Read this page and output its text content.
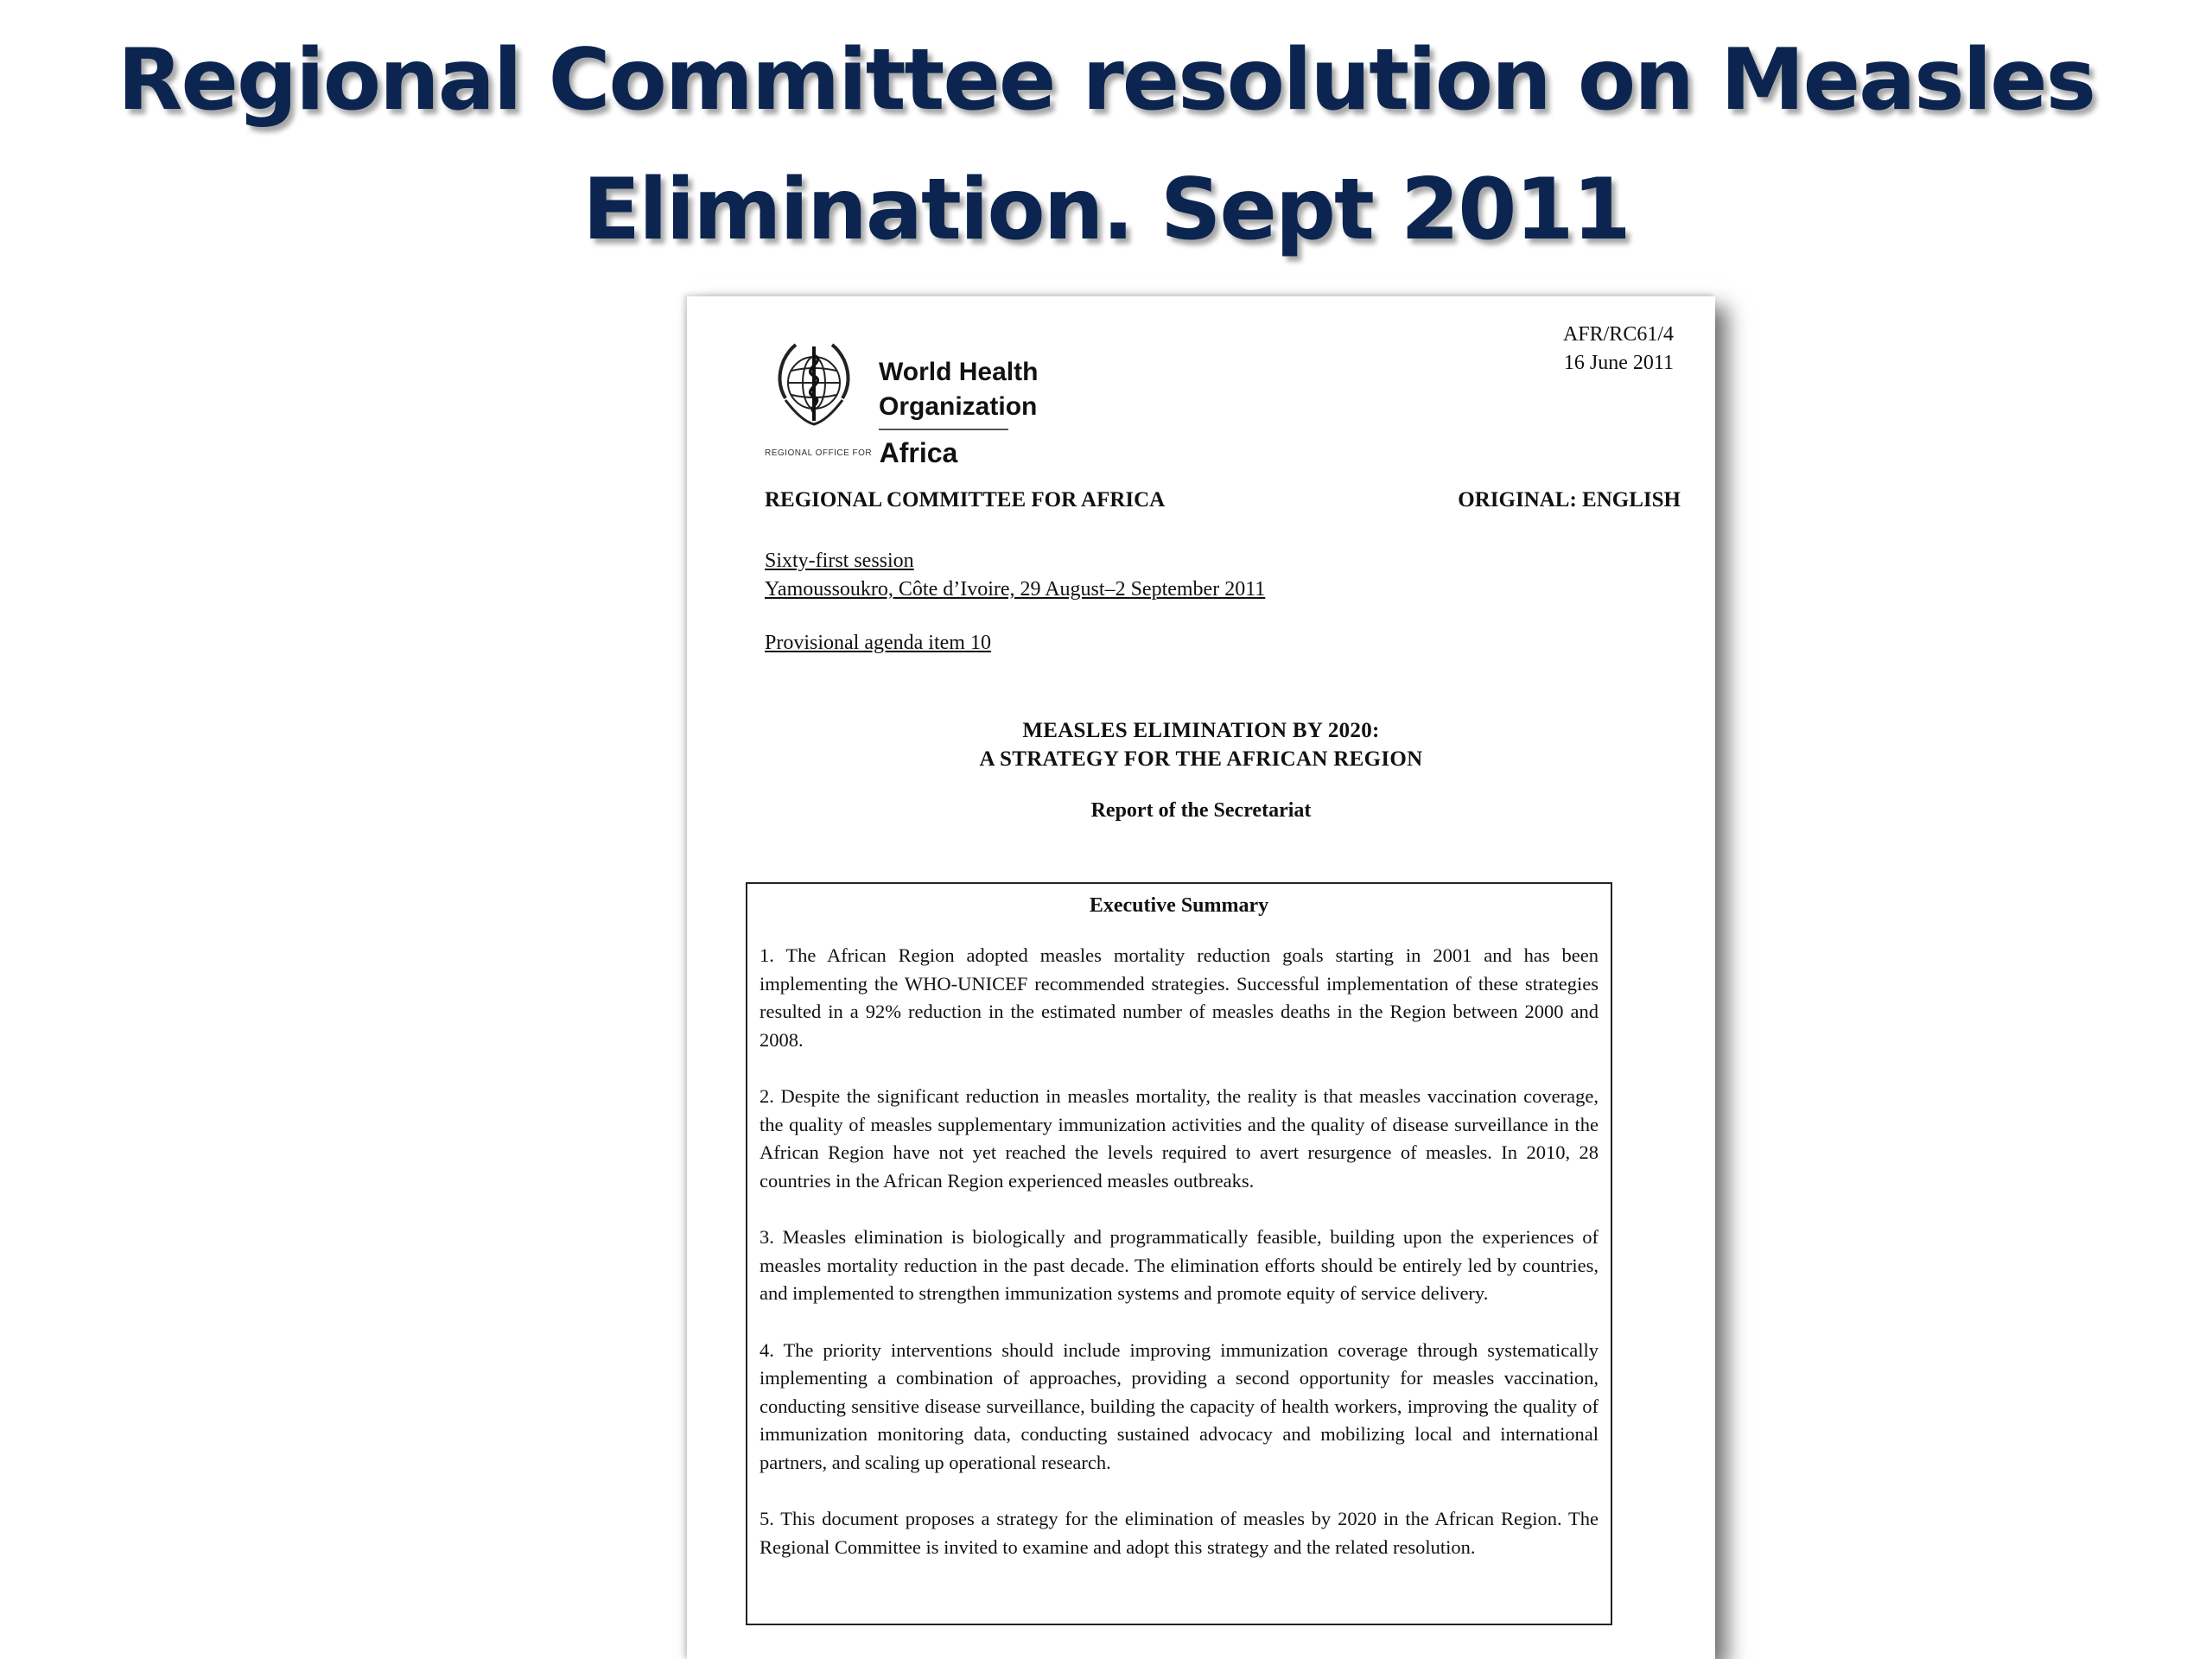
Regional Committee resolution on Measles
Elimination. Sept 2011
AFR/RC61/4
16 June 2011
World Health
Organization
REGIONAL OFFICE FOR Africa
REGIONAL COMMITTEE FOR AFRICA	ORIGINAL: ENGLISH
Sixty-first session
Yamoussoukro, Côte d’Ivoire, 29 August–2 September 2011
Provisional agenda item 10
MEASLES ELIMINATION BY 2020:
A STRATEGY FOR THE AFRICAN REGION
Report of the Secretariat
Executive Summary

1. The African Region adopted measles mortality reduction goals starting in 2001 and has been implementing the WHO-UNICEF recommended strategies. Successful implementation of these strategies resulted in a 92% reduction in the estimated number of measles deaths in the Region between 2000 and 2008.

2. Despite the significant reduction in measles mortality, the reality is that measles vaccination coverage, the quality of measles supplementary immunization activities and the quality of disease surveillance in the African Region have not yet reached the levels required to avert resurgence of measles. In 2010, 28 countries in the African Region experienced measles outbreaks.

3. Measles elimination is biologically and programmatically feasible, building upon the experiences of measles mortality reduction in the past decade. The elimination efforts should be entirely led by countries, and implemented to strengthen immunization systems and promote equity of service delivery.

4. The priority interventions should include improving immunization coverage through systematically implementing a combination of approaches, providing a second opportunity for measles vaccination, conducting sensitive disease surveillance, building the capacity of health workers, improving the quality of immunization monitoring data, conducting sustained advocacy and mobilizing local and international partners, and scaling up operational research.

5. This document proposes a strategy for the elimination of measles by 2020 in the African Region. The Regional Committee is invited to examine and adopt this strategy and the related resolution.
